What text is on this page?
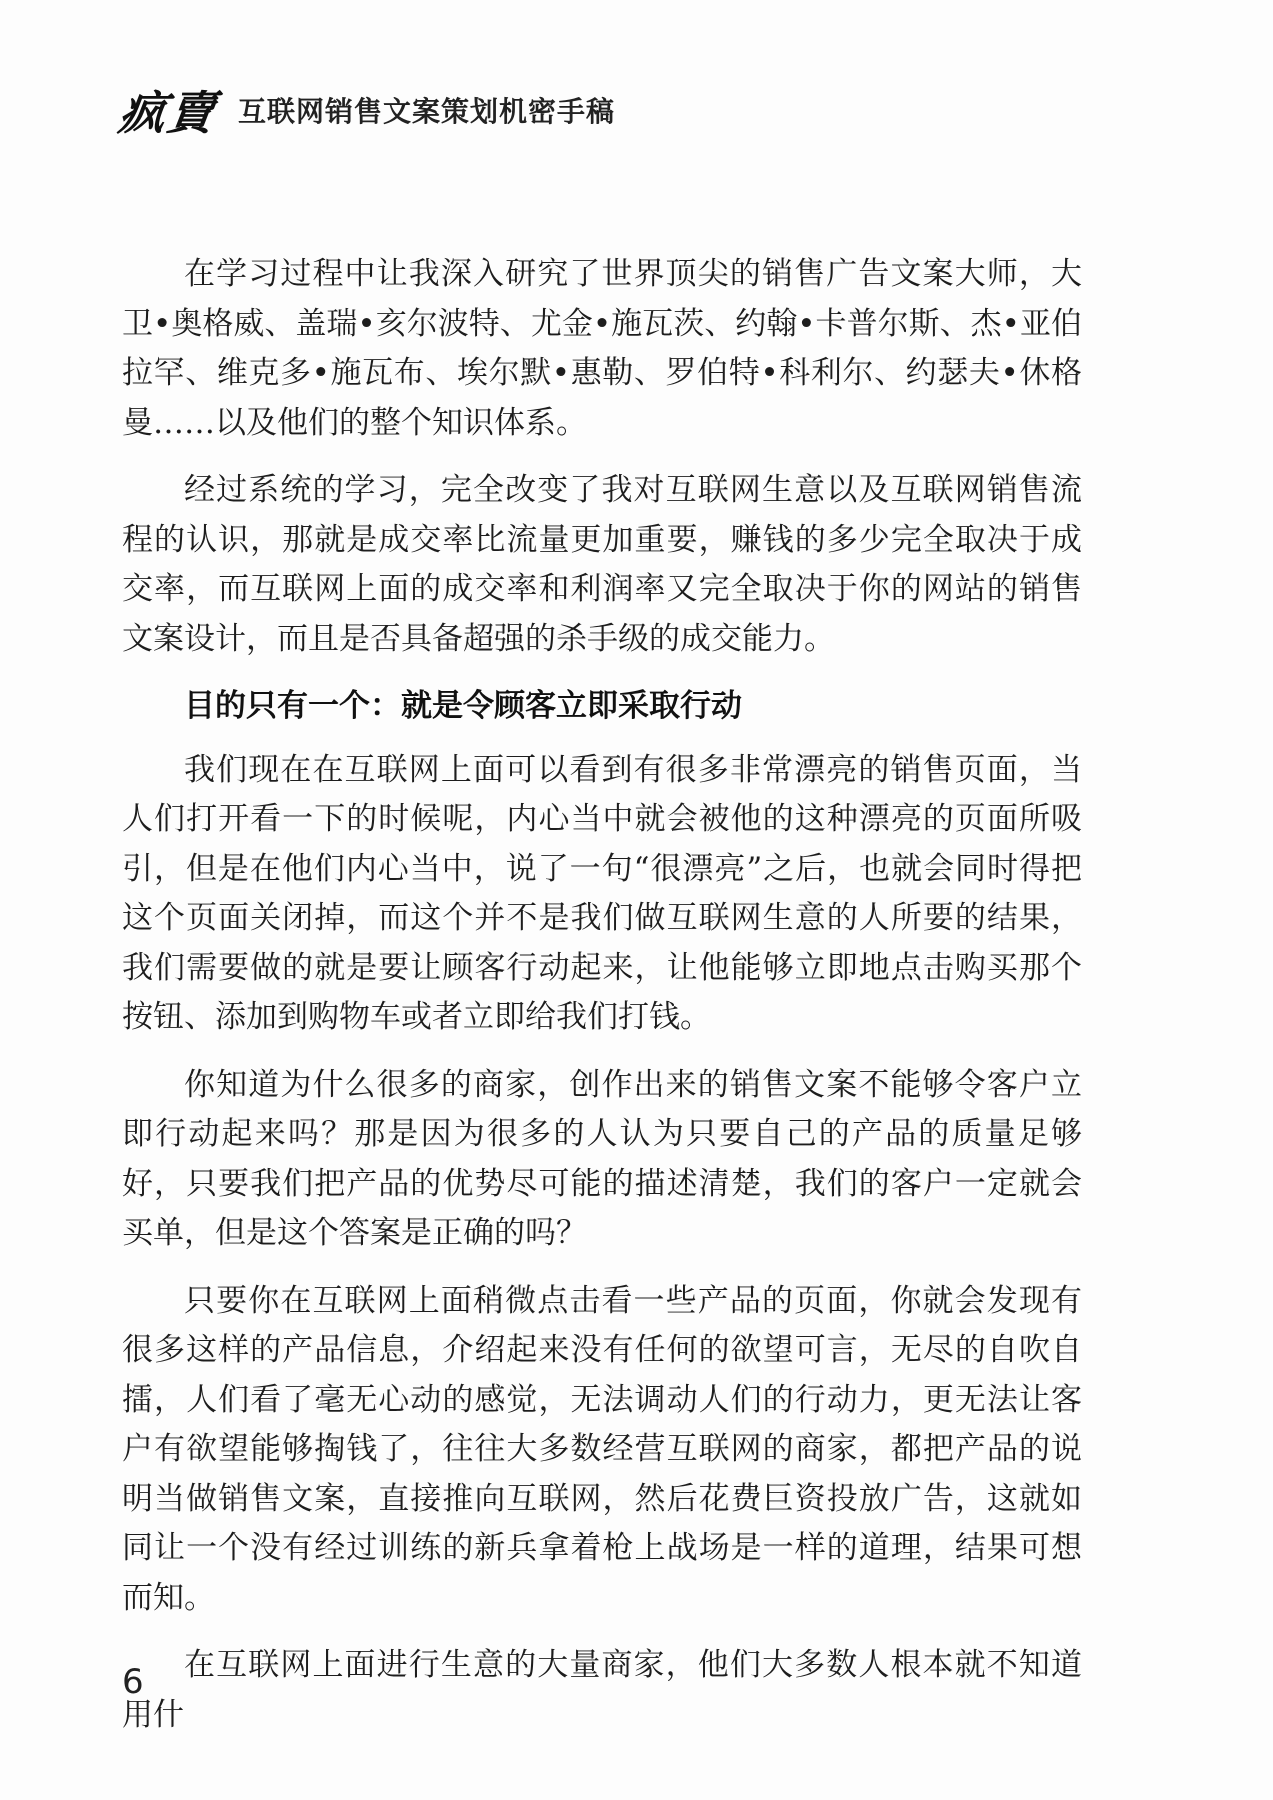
疯賣 互联网销售文案策划机密手稿

在学习过程中让我深入研究了世界顶尖的销售广告文案大师，大卫•奥格威、盖瑞•亥尔波特、尤金•施瓦茨、约翰•卡普尔斯、杰•亚伯拉罕、维克多•施瓦布、埃尔默•惠勒、罗伯特•科利尔、约瑟夫•休格曼……以及他们的整个知识体系。

经过系统的学习，完全改变了我对互联网生意以及互联网销售流程的认识，那就是成交率比流量更加重要，赚钱的多少完全取决于成交率，而互联网上面的成交率和利润率又完全取决于你的网站的销售文案设计，而且是否具备超强的杀手级的成交能力。

目的只有一个：就是令顾客立即采取行动

我们现在在互联网上面可以看到有很多非常漂亮的销售页面，当人们打开看一下的时候呢，内心当中就会被他的这种漂亮的页面所吸引，但是在他们内心当中，说了一句“很漂亮”之后，也就会同时得把这个页面关闭掉，而这个并不是我们做互联网生意的人所要的结果，我们需要做的就是要让顾客行动起来，让他能够立即地点击购买那个按钮、添加到购物车或者立即给我们打钱。

你知道为什么很多的商家，创作出来的销售文案不能够令客户立即行动起来吗？那是因为很多的人认为只要自己的产品的质量足够好，只要我们把产品的优势尽可能的描述清楚，我们的客户一定就会买单，但是这个答案是正确的吗？

只要你在互联网上面稍微点击看一些产品的页面，你就会发现有很多这样的产品信息，介绍起来没有任何的欲望可言，无尽的自吹自擂，人们看了毫无心动的感觉，无法调动人们的行动力，更无法让客户有欲望能够掏钱了，往往大多数经营互联网的商家，都把产品的说明当做销售文案，直接推向互联网，然后花费巨资投放广告，这就如同让一个没有经过训练的新兵拿着枪上战场是一样的道理，结果可想而知。

在互联网上面进行生意的大量商家，他们大多数人根本就不知道用什

6
